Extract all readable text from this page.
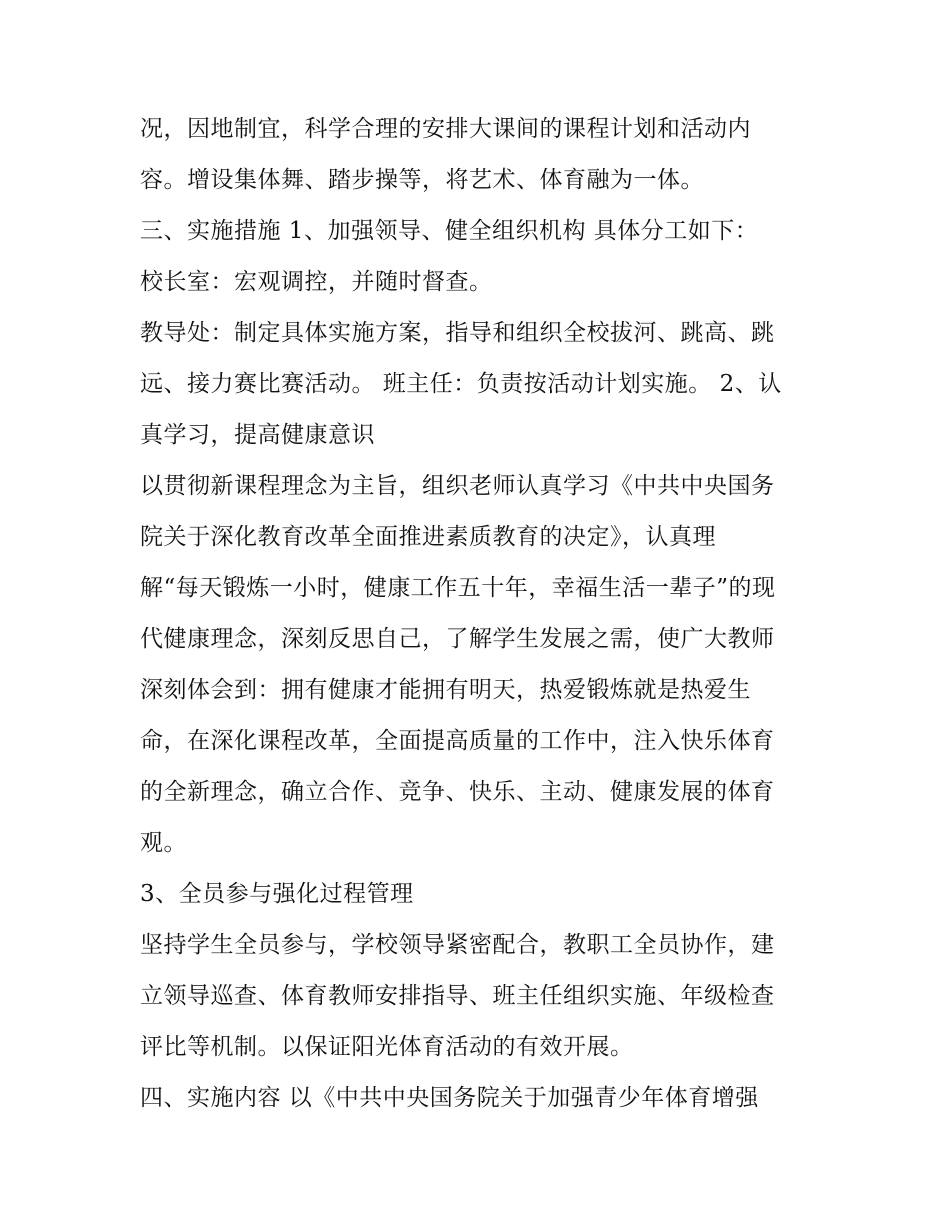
况，因地制宜，科学合理的安排大课间的课程计划和活动内

容。增设集体舞、踏步操等，将艺术、体育融为一体。

三、实施措施 1、加强领导、健全组织机构 具体分工如下：

校长室：宏观调控，并随时督查。

教导处：制定具体实施方案，指导和组织全校拔河、跳高、跳

远、接力赛比赛活动。 班主任：负责按活动计划实施。 2、认

真学习，提高健康意识

以贯彻新课程理念为主旨，组织老师认真学习《中共中央国务

院关于深化教育改革全面推进素质教育的决定》，认真理

解“每天锻炼一小时，健康工作五十年，幸福生活一辈子”的现

代健康理念，深刻反思自己，了解学生发展之需，使广大教师

深刻体会到：拥有健康才能拥有明天，热爱锻炼就是热爱生

命，在深化课程改革，全面提高质量的工作中，注入快乐体育

的全新理念，确立合作、竞争、快乐、主动、健康发展的体育

观。

3、全员参与强化过程管理

坚持学生全员参与，学校领导紧密配合，教职工全员协作，建

立领导巡查、体育教师安排指导、班主任组织实施、年级检查

评比等机制。以保证阳光体育活动的有效开展。

四、实施内容 以《中共中央国务院关于加强青少年体育增强
